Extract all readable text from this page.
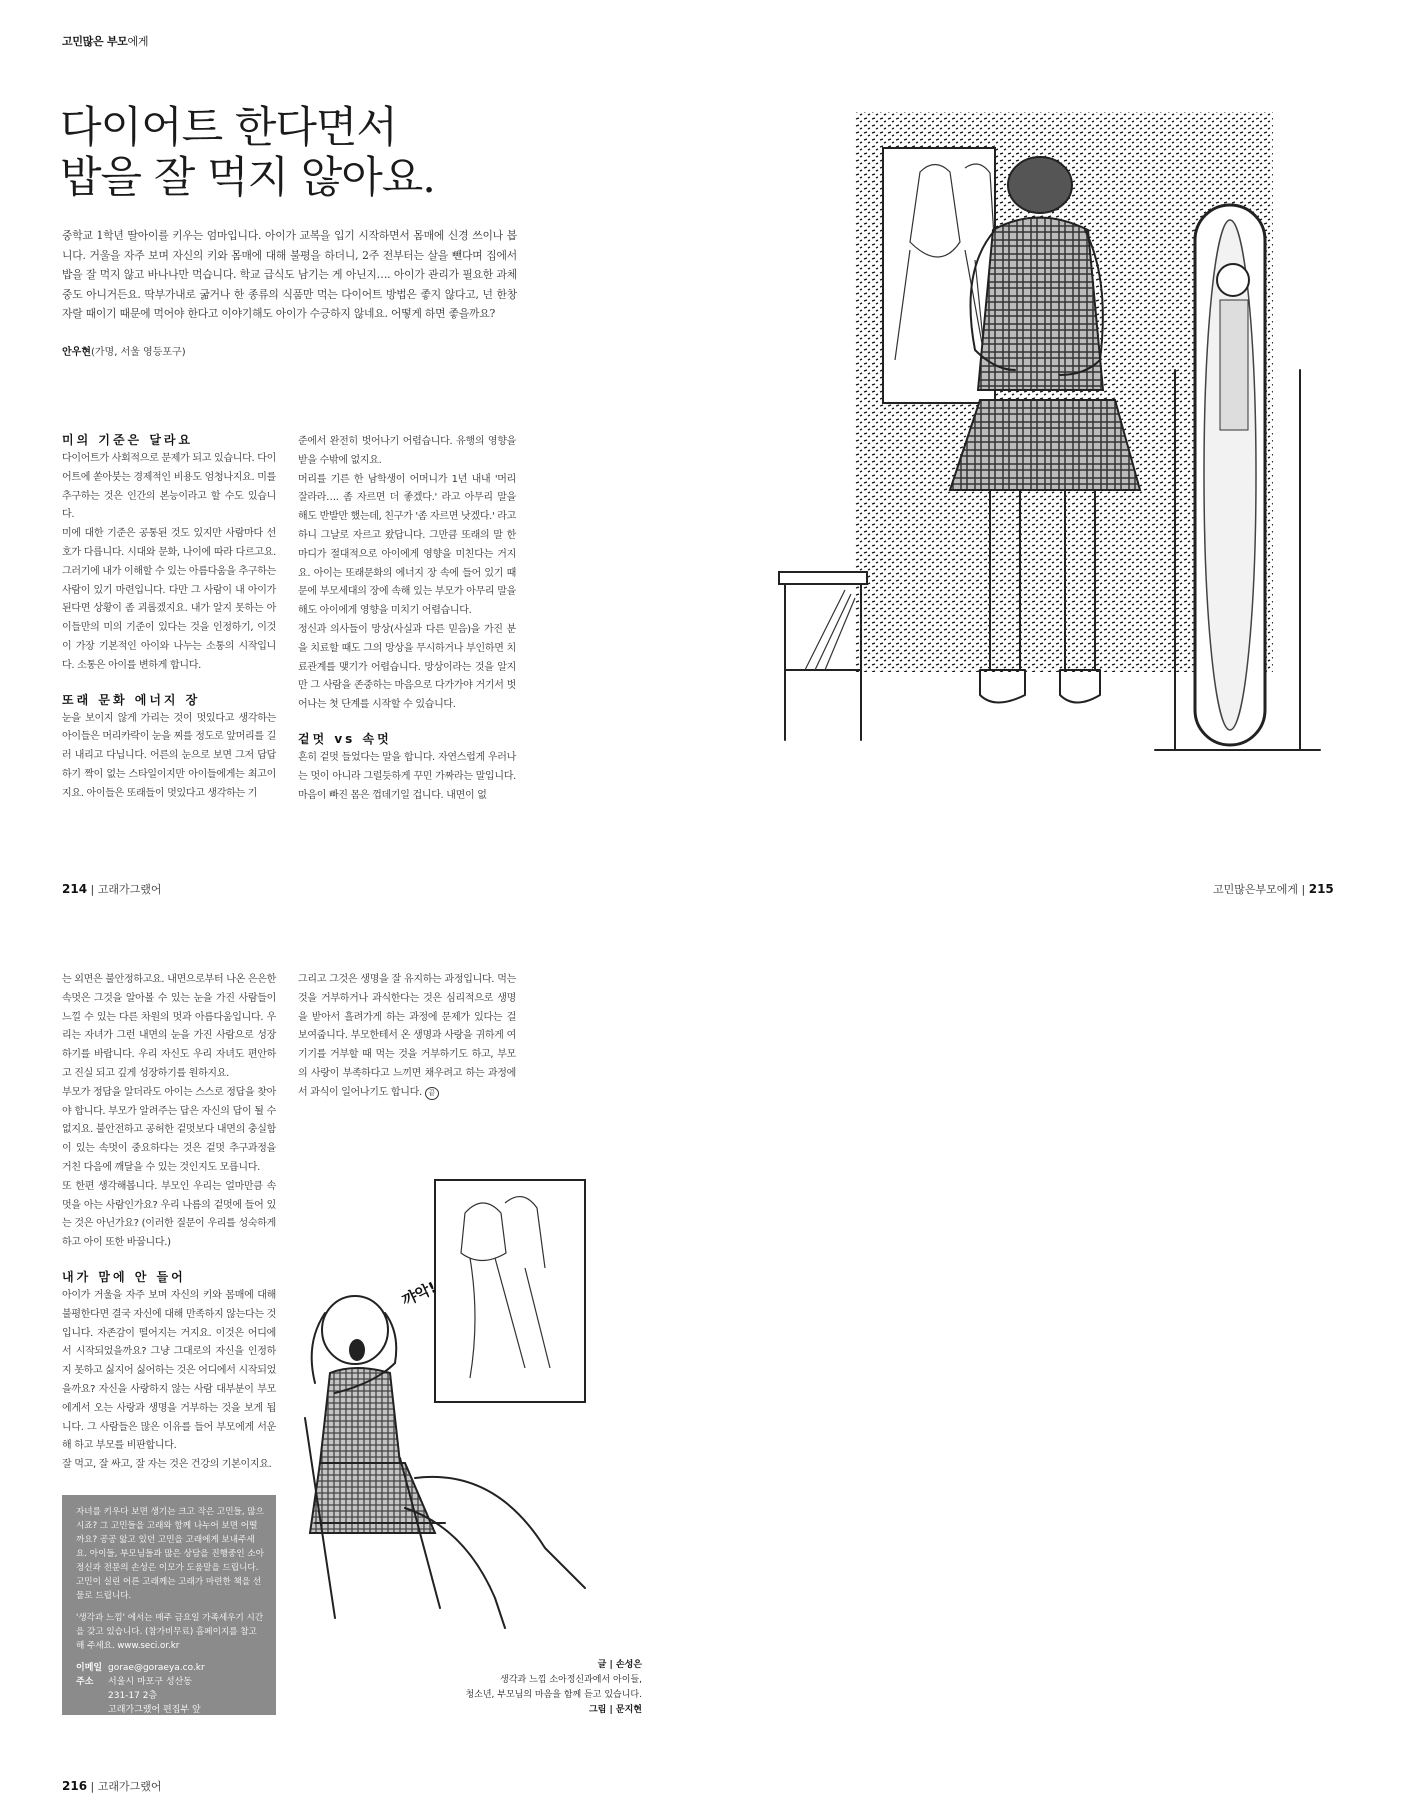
고민많은 부모에게
다이어트 한다면서
밥을 잘 먹지 않아요.
중학교 1학년 딸아이를 키우는 엄마입니다. 아이가 교복을 입기 시작하면서 몸매에 신경 쓰이나 봅니다. 거울을 자주 보며 자신의 키와 몸매에 대해 불평을 하더니, 2주 전부터는 살을 뺀다며 집에서 밥을 잘 먹지 않고 바나나만 먹습니다. 학교 급식도 남기는 게 아닌지…. 아이가 관리가 필요한 과체중도 아니거든요. 딱부가내로 굶거나 한 종류의 식품만 먹는 다이어트 방법은 좋지 않다고, 넌 한창 자랄 때이기 때문에 먹어야 한다고 이야기해도 아이가 수긍하지 않네요. 어떻게 하면 좋을까요?
안우현(가명, 서울 영등포구)

미의 기준은 달라요

다이어트가 사회적으로 문제가 되고 있습니다. 다이어트에 쏟아붓는 경제적인 비용도 엄청나지요. 미를 추구하는 것은 인간의 본능이라고 할 수도 있습니다.

미에 대한 기준은 공통된 것도 있지만 사람마다 선호가 다릅니다. 시대와 문화, 나이에 따라 다르고요. 그러기에 내가 이해할 수 있는 아름다움을 추구하는 사람이 있기 마련입니다. 다만 그 사람이 내 아이가 된다면 상황이 좀 괴롭겠지요. 내가 알지 못하는 아이들만의 미의 기준이 있다는 것을 인정하기, 이것이 가장 기본적인 아이와 나누는 소통의 시작입니다. 소통은 아이를 변하게 합니다.

또래 문화 에너지 장

눈을 보이지 않게 가리는 것이 멋있다고 생각하는 아이들은 머리카락이 눈을 찌를 정도로 앞머리를 길러 내리고 다닙니다. 어른의 눈으로 보면 그저 답답하기 짝이 없는 스타일이지만 아이들에게는 최고이지요. 아이들은 또래들이 멋있다고 생각하는 기

준에서 완전히 벗어나기 어렵습니다. 유행의 영향을 받을 수밖에 없지요.

머리를 기른 한 남학생이 어머니가 1년 내내 '머리 잘라라…. 좀 자르면 더 좋겠다.' 라고 아무리 말을 해도 반발만 했는데, 친구가 '좀 자르면 낫겠다.' 라고 하니 그날로 자르고 왔답니다. 그만큼 또래의 말 한마디가 절대적으로 아이에게 영향을 미친다는 거지요. 아이는 또래문화의 에너지 장 속에 들어 있기 때문에 부모세대의 장에 속해 있는 부모가 아무리 말을 해도 아이에게 영향을 미치기 어렵습니다.

정신과 의사들이 망상(사실과 다른 믿음)을 가진 분을 치료할 때도 그의 망상을 무시하거나 부인하면 치료관계를 맺기가 어렵습니다. 망상이라는 것을 알지만 그 사람을 존중하는 마음으로 다가가야 거기서 벗어나는 첫 단계를 시작할 수 있습니다.

겉멋 vs 속멋

흔히 겉멋 들었다는 말을 합니다. 자연스럽게 우러나는 멋이 아니라 그럴듯하게 꾸민 가짜라는 말입니다. 마음이 빠진 몸은 껍데기일 겁니다. 내면이 없

214 | 고래가그랬어	고민많은부모에게 | 215

는 외면은 불안정하고요. 내면으로부터 나온 은은한 속멋은 그것을 알아볼 수 있는 눈을 가진 사람들이 느낄 수 있는 다른 차원의 멋과 아름다움입니다. 우리는 자녀가 그런 내면의 눈을 가진 사람으로 성장하기를 바랍니다. 우리 자신도 우리 자녀도 편안하고 진실 되고 깊게 성장하기를 원하지요.

부모가 정답을 알더라도 아이는 스스로 정답을 찾아야 합니다. 부모가 알려주는 답은 자신의 답이 될 수 없지요. 불안전하고 공허한 겉멋보다 내면의 충실함이 있는 속멋이 중요하다는 것은 겉멋 추구과정을 거친 다음에 깨달을 수 있는 것인지도 모릅니다.

또 한편 생각해봅니다. 부모인 우리는 얼마만큼 속멋을 아는 사람인가요? 우리 나름의 겉멋에 들어 있는 것은 아닌가요? (이러한 질문이 우리를 성숙하게 하고 아이 또한 바꿉니다.)

내가 맘에 안 들어

아이가 거울을 자주 보며 자신의 키와 몸매에 대해 불평한다면 결국 자신에 대해 만족하지 않는다는 것입니다. 자존감이 떨어지는 거지요. 이것은 어디에서 시작되었을까요? 그냥 그대로의 자신을 인정하지 못하고 싫지어 싫어하는 것은 어디에서 시작되었을까요? 자신을 사랑하지 않는 사람 대부분이 부모에게서 오는 사랑과 생명을 거부하는 것을 보게 됩니다. 그 사람들은 많은 이유를 들어 부모에게 서운해 하고 부모를 비판합니다.

잘 먹고, 잘 싸고, 잘 자는 것은 건강의 기본이지요.

그리고 그것은 생명을 잘 유지하는 과정입니다. 먹는 것을 거부하거나 과식한다는 것은 심리적으로 생명을 받아서 흘려가게 하는 과정에 문제가 있다는 걸 보여줍니다. 부모한테서 온 생명과 사랑을 귀하게 여기기를 거부할 때 먹는 것을 거부하기도 하고, 부모의 사랑이 부족하다고 느끼면 채우려고 하는 과정에서 과식이 일어나기도 합니다. 끝

꺄악!

자녀를 키우다 보면 생기는 크고 작은 고민들, 많으시죠? 그 고민들을 고래와 함께 나누어 보면 어떨까요? 공공 앓고 있던 고민을 고래에게 보내주세요. 아이들, 부모님들과 많은 상담을 진행중인 소아정신과 전문의 손성은 이모가 도움말을 드립니다. 고민이 실린 어른 고래께는 고래가 마련한 책을 선물로 드립니다.

'생각과 느낌' 에서는 매주 금요일 가족세우기 시간을 갖고 있습니다. (참가비무료) 홈페이지를 참고해 주세요. www.seci.or.kr

이메일 gorae@goraeya.co.kr
주소	서울시 마포구 성산동
231-17 2층
고래가그랬어 편집부 앞
글 | 손성은
생각과 느낌 소아정신과에서 아이들,
청소년, 부모님의 마음을 함께 듣고 있습니다.
그림 | 문지현
216 | 고래가그랬어
